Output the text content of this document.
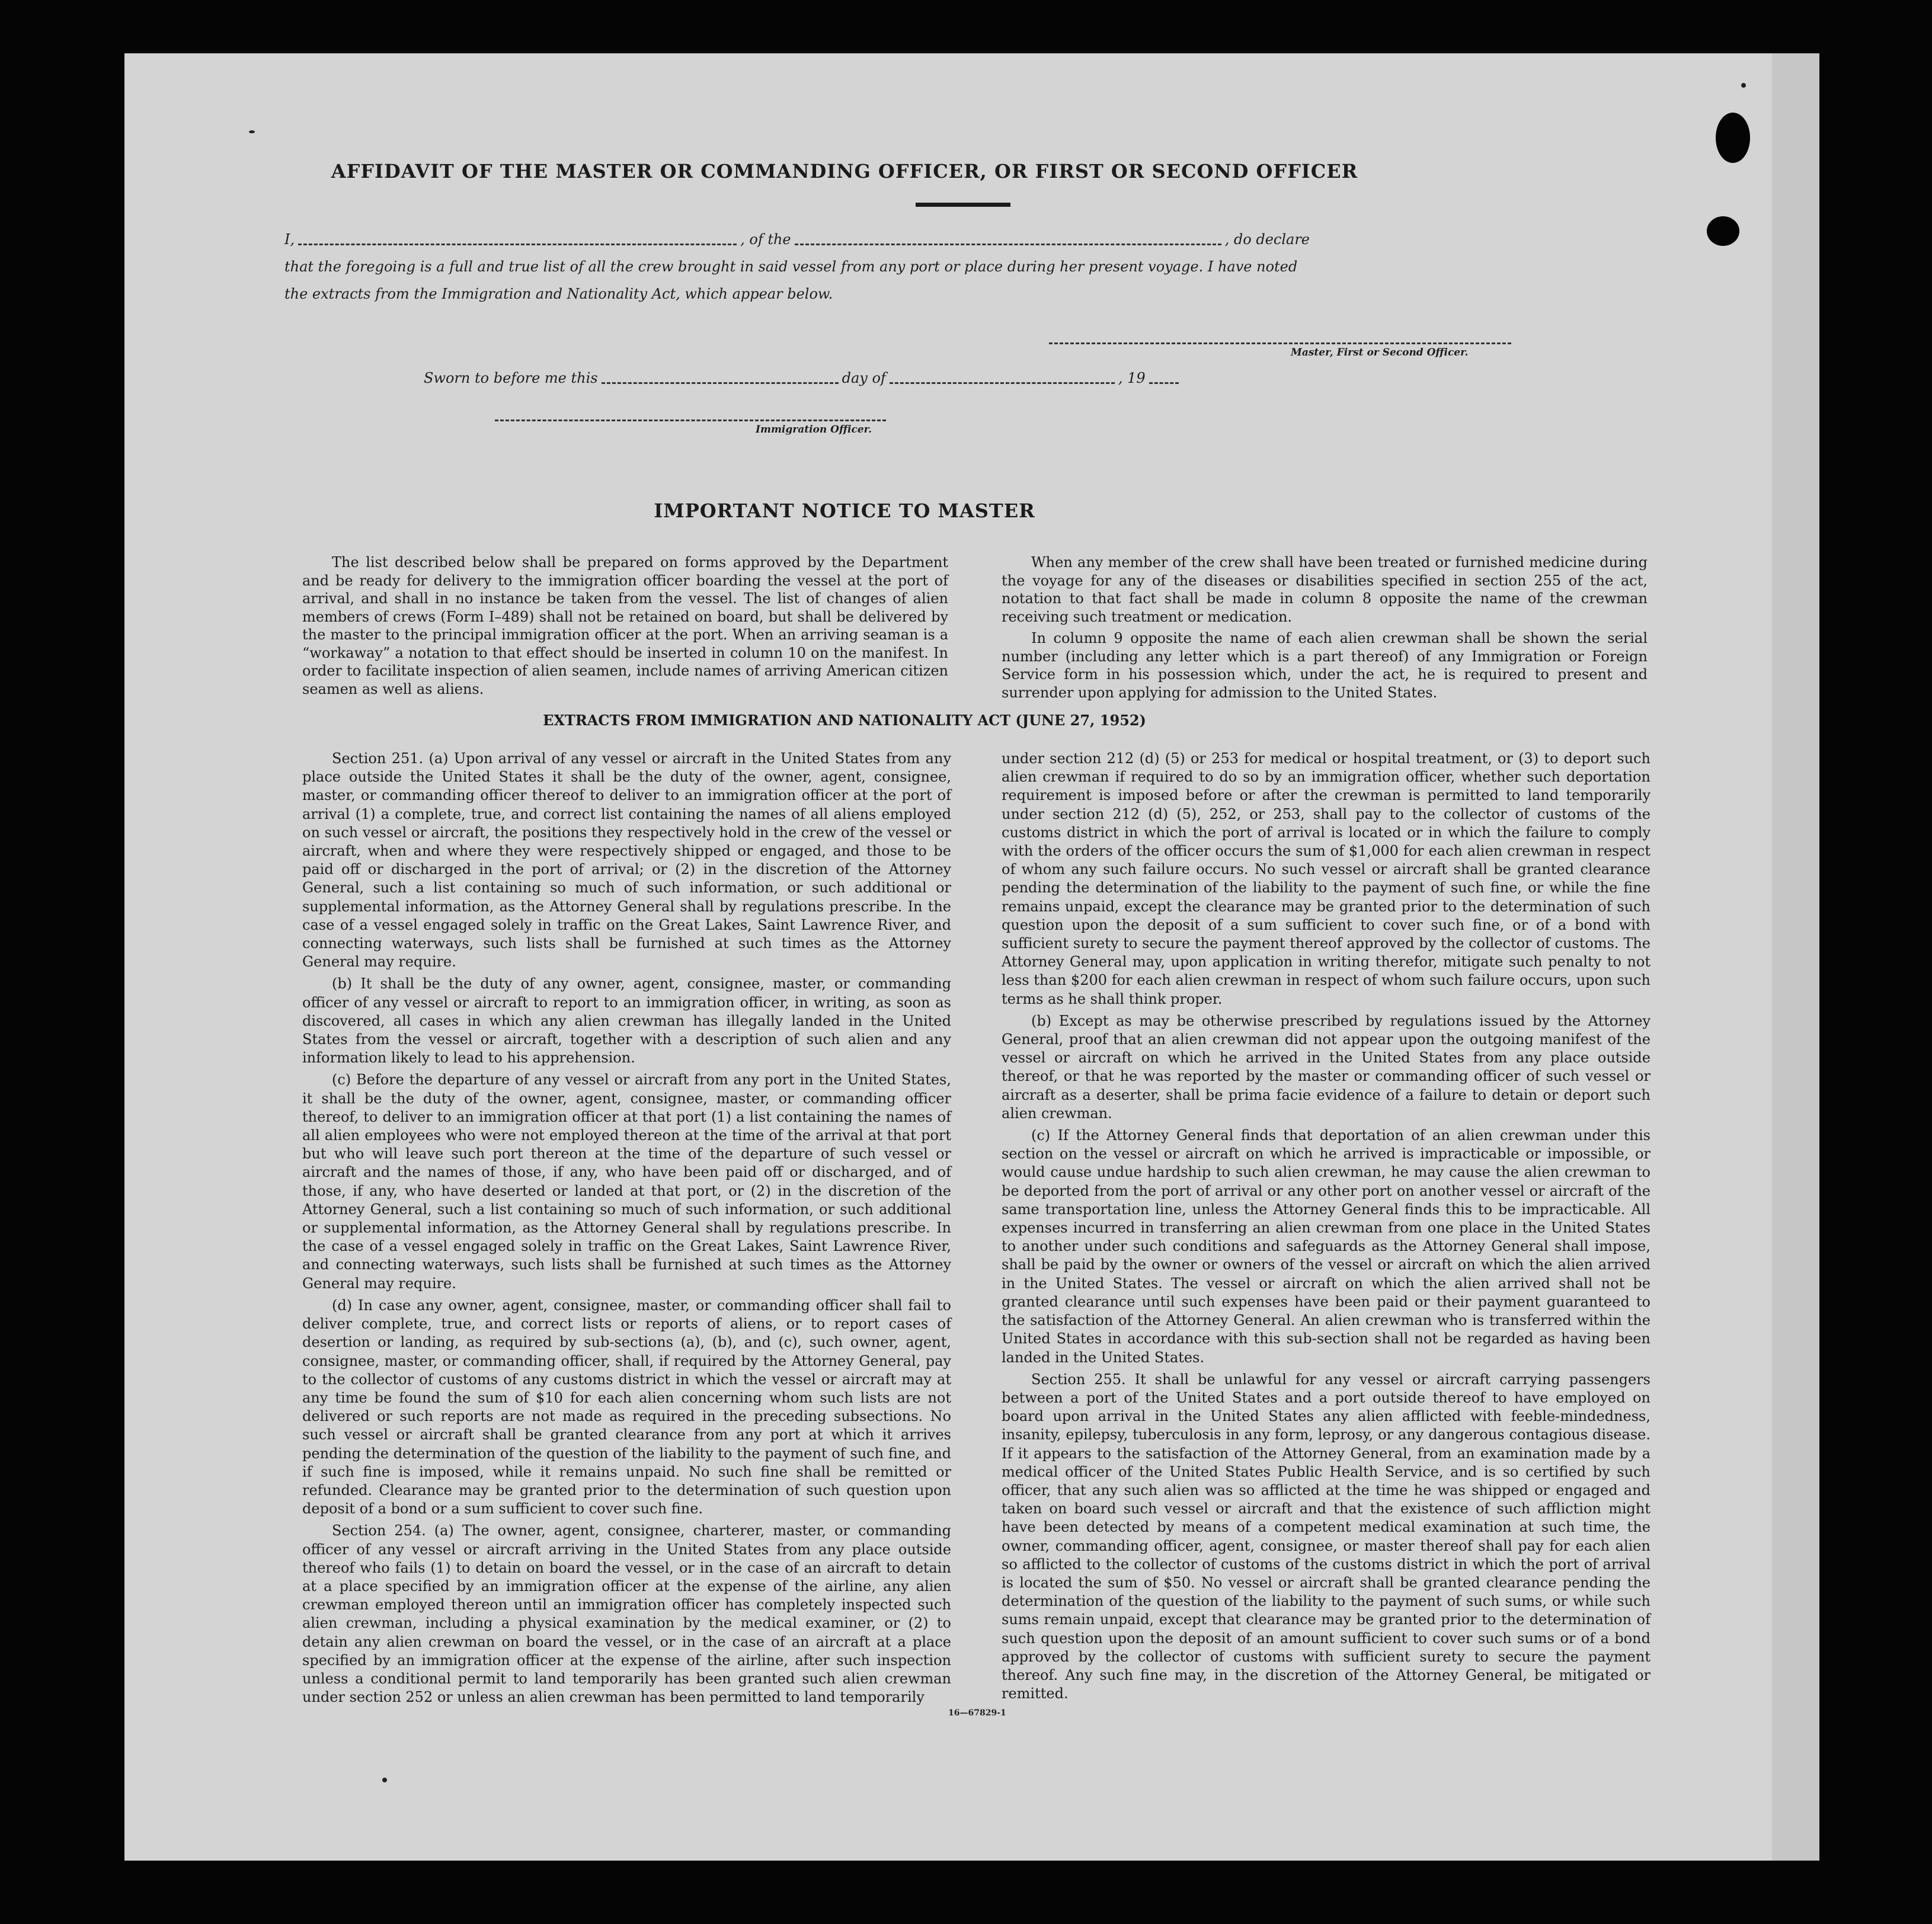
AFFIDAVIT OF THE MASTER OR COMMANDING OFFICER, OR FIRST OR SECOND OFFICER
I,	, of the	, do declare
that the foregoing is a full and true list of all the crew brought in said vessel from any port or place during her present voyage. I have noted
the extracts from the Immigration and Nationality Act, which appear below.
Master, First or Second Officer.
Sworn to before me this	day of	, 19
Immigration Officer.
IMPORTANT NOTICE TO MASTER

The list described below shall be prepared on forms approved by the Department and be ready for delivery to the immigration officer boarding the vessel at the port of arrival, and shall in no instance be taken from the vessel. The list of changes of alien members of crews (Form I–489) shall not be retained on board, but shall be delivered by the master to the principal immigration officer at the port. When an arriving seaman is a “workaway” a notation to that effect should be inserted in column 10 on the manifest. In order to facilitate inspection of alien seamen, include names of arriving American citizen seamen as well as aliens.

When any member of the crew shall have been treated or furnished medicine during the voyage for any of the diseases or disabilities specified in section 255 of the act, notation to that fact shall be made in column 8 opposite the name of the crewman receiving such treatment or medication.

In column 9 opposite the name of each alien crewman shall be shown the serial number (including any letter which is a part thereof) of any Immigration or Foreign Service form in his possession which, under the act, he is required to present and surrender upon applying for admission to the United States.

EXTRACTS FROM IMMIGRATION AND NATIONALITY ACT (JUNE 27, 1952)

Section 251. (a) Upon arrival of any vessel or aircraft in the United States from any place outside the United States it shall be the duty of the owner, agent, consignee, master, or commanding officer thereof to deliver to an immigration officer at the port of arrival (1) a complete, true, and correct list containing the names of all aliens employed on such vessel or aircraft, the positions they respectively hold in the crew of the vessel or aircraft, when and where they were respectively shipped or engaged, and those to be paid off or discharged in the port of arrival; or (2) in the discretion of the Attorney General, such a list containing so much of such information, or such additional or supplemental information, as the Attorney General shall by regulations prescribe. In the case of a vessel engaged solely in traffic on the Great Lakes, Saint Lawrence River, and connecting waterways, such lists shall be furnished at such times as the Attorney General may require.

(b) It shall be the duty of any owner, agent, consignee, master, or commanding officer of any vessel or aircraft to report to an immigration officer, in writing, as soon as discovered, all cases in which any alien crewman has illegally landed in the United States from the vessel or aircraft, together with a description of such alien and any information likely to lead to his apprehension.

(c) Before the departure of any vessel or aircraft from any port in the United States, it shall be the duty of the owner, agent, consignee, master, or commanding officer thereof, to deliver to an immigration officer at that port (1) a list containing the names of all alien employees who were not employed thereon at the time of the arrival at that port but who will leave such port thereon at the time of the departure of such vessel or aircraft and the names of those, if any, who have been paid off or discharged, and of those, if any, who have deserted or landed at that port, or (2) in the discretion of the Attorney General, such a list containing so much of such information, or such additional or supplemental information, as the Attorney General shall by regulations prescribe. In the case of a vessel engaged solely in traffic on the Great Lakes, Saint Lawrence River, and connecting waterways, such lists shall be furnished at such times as the Attorney General may require.

(d) In case any owner, agent, consignee, master, or commanding officer shall fail to deliver complete, true, and correct lists or reports of aliens, or to report cases of desertion or landing, as required by sub-sections (a), (b), and (c), such owner, agent, consignee, master, or commanding officer, shall, if required by the Attorney General, pay to the collector of customs of any customs district in which the vessel or aircraft may at any time be found the sum of $10 for each alien concerning whom such lists are not delivered or such reports are not made as required in the preceding subsections. No such vessel or aircraft shall be granted clearance from any port at which it arrives pending the determination of the question of the liability to the payment of such fine, and if such fine is imposed, while it remains unpaid. No such fine shall be remitted or refunded. Clearance may be granted prior to the determination of such question upon deposit of a bond or a sum sufficient to cover such fine.

Section 254. (a) The owner, agent, consignee, charterer, master, or commanding officer of any vessel or aircraft arriving in the United States from any place outside thereof who fails (1) to detain on board the vessel, or in the case of an aircraft to detain at a place specified by an immigration officer at the expense of the airline, any alien crewman employed thereon until an immigration officer has completely inspected such alien crewman, including a physical examination by the medical examiner, or (2) to detain any alien crewman on board the vessel, or in the case of an aircraft at a place specified by an immigration officer at the expense of the airline, after such inspection unless a conditional permit to land temporarily has been granted such alien crewman under section 252 or unless an alien crewman has been permitted to land temporarily

under section 212 (d) (5) or 253 for medical or hospital treatment, or (3) to deport such alien crewman if required to do so by an immigration officer, whether such deportation requirement is imposed before or after the crewman is permitted to land temporarily under section 212 (d) (5), 252, or 253, shall pay to the collector of customs of the customs district in which the port of arrival is located or in which the failure to comply with the orders of the officer occurs the sum of $1,000 for each alien crewman in respect of whom any such failure occurs. No such vessel or aircraft shall be granted clearance pending the determination of the liability to the payment of such fine, or while the fine remains unpaid, except the clearance may be granted prior to the determination of such question upon the deposit of a sum sufficient to cover such fine, or of a bond with sufficient surety to secure the payment thereof approved by the collector of customs. The Attorney General may, upon application in writing therefor, mitigate such penalty to not less than $200 for each alien crewman in respect of whom such failure occurs, upon such terms as he shall think proper.

(b) Except as may be otherwise prescribed by regulations issued by the Attorney General, proof that an alien crewman did not appear upon the outgoing manifest of the vessel or aircraft on which he arrived in the United States from any place outside thereof, or that he was reported by the master or commanding officer of such vessel or aircraft as a deserter, shall be prima facie evidence of a failure to detain or deport such alien crewman.

(c) If the Attorney General finds that deportation of an alien crewman under this section on the vessel or aircraft on which he arrived is impracticable or impossible, or would cause undue hardship to such alien crewman, he may cause the alien crewman to be deported from the port of arrival or any other port on another vessel or aircraft of the same transportation line, unless the Attorney General finds this to be impracticable. All expenses incurred in transferring an alien crewman from one place in the United States to another under such conditions and safeguards as the Attorney General shall impose, shall be paid by the owner or owners of the vessel or aircraft on which the alien arrived in the United States. The vessel or aircraft on which the alien arrived shall not be granted clearance until such expenses have been paid or their payment guaranteed to the satisfaction of the Attorney General. An alien crewman who is transferred within the United States in accordance with this sub-section shall not be regarded as having been landed in the United States.

Section 255. It shall be unlawful for any vessel or aircraft carrying passengers between a port of the United States and a port outside thereof to have employed on board upon arrival in the United States any alien afflicted with feeble-mindedness, insanity, epilepsy, tuberculosis in any form, leprosy, or any dangerous contagious disease. If it appears to the satisfaction of the Attorney General, from an examination made by a medical officer of the United States Public Health Service, and is so certified by such officer, that any such alien was so afflicted at the time he was shipped or engaged and taken on board such vessel or aircraft and that the existence of such affliction might have been detected by means of a competent medical examination at such time, the owner, commanding officer, agent, consignee, or master thereof shall pay for each alien so afflicted to the collector of customs of the customs district in which the port of arrival is located the sum of $50. No vessel or aircraft shall be granted clearance pending the determination of the question of the liability to the payment of such sums, or while such sums remain unpaid, except that clearance may be granted prior to the determination of such question upon the deposit of an amount sufficient to cover such sums or of a bond approved by the collector of customs with sufficient surety to secure the payment thereof. Any such fine may, in the discretion of the Attorney General, be mitigated or remitted.

16—67829-1
